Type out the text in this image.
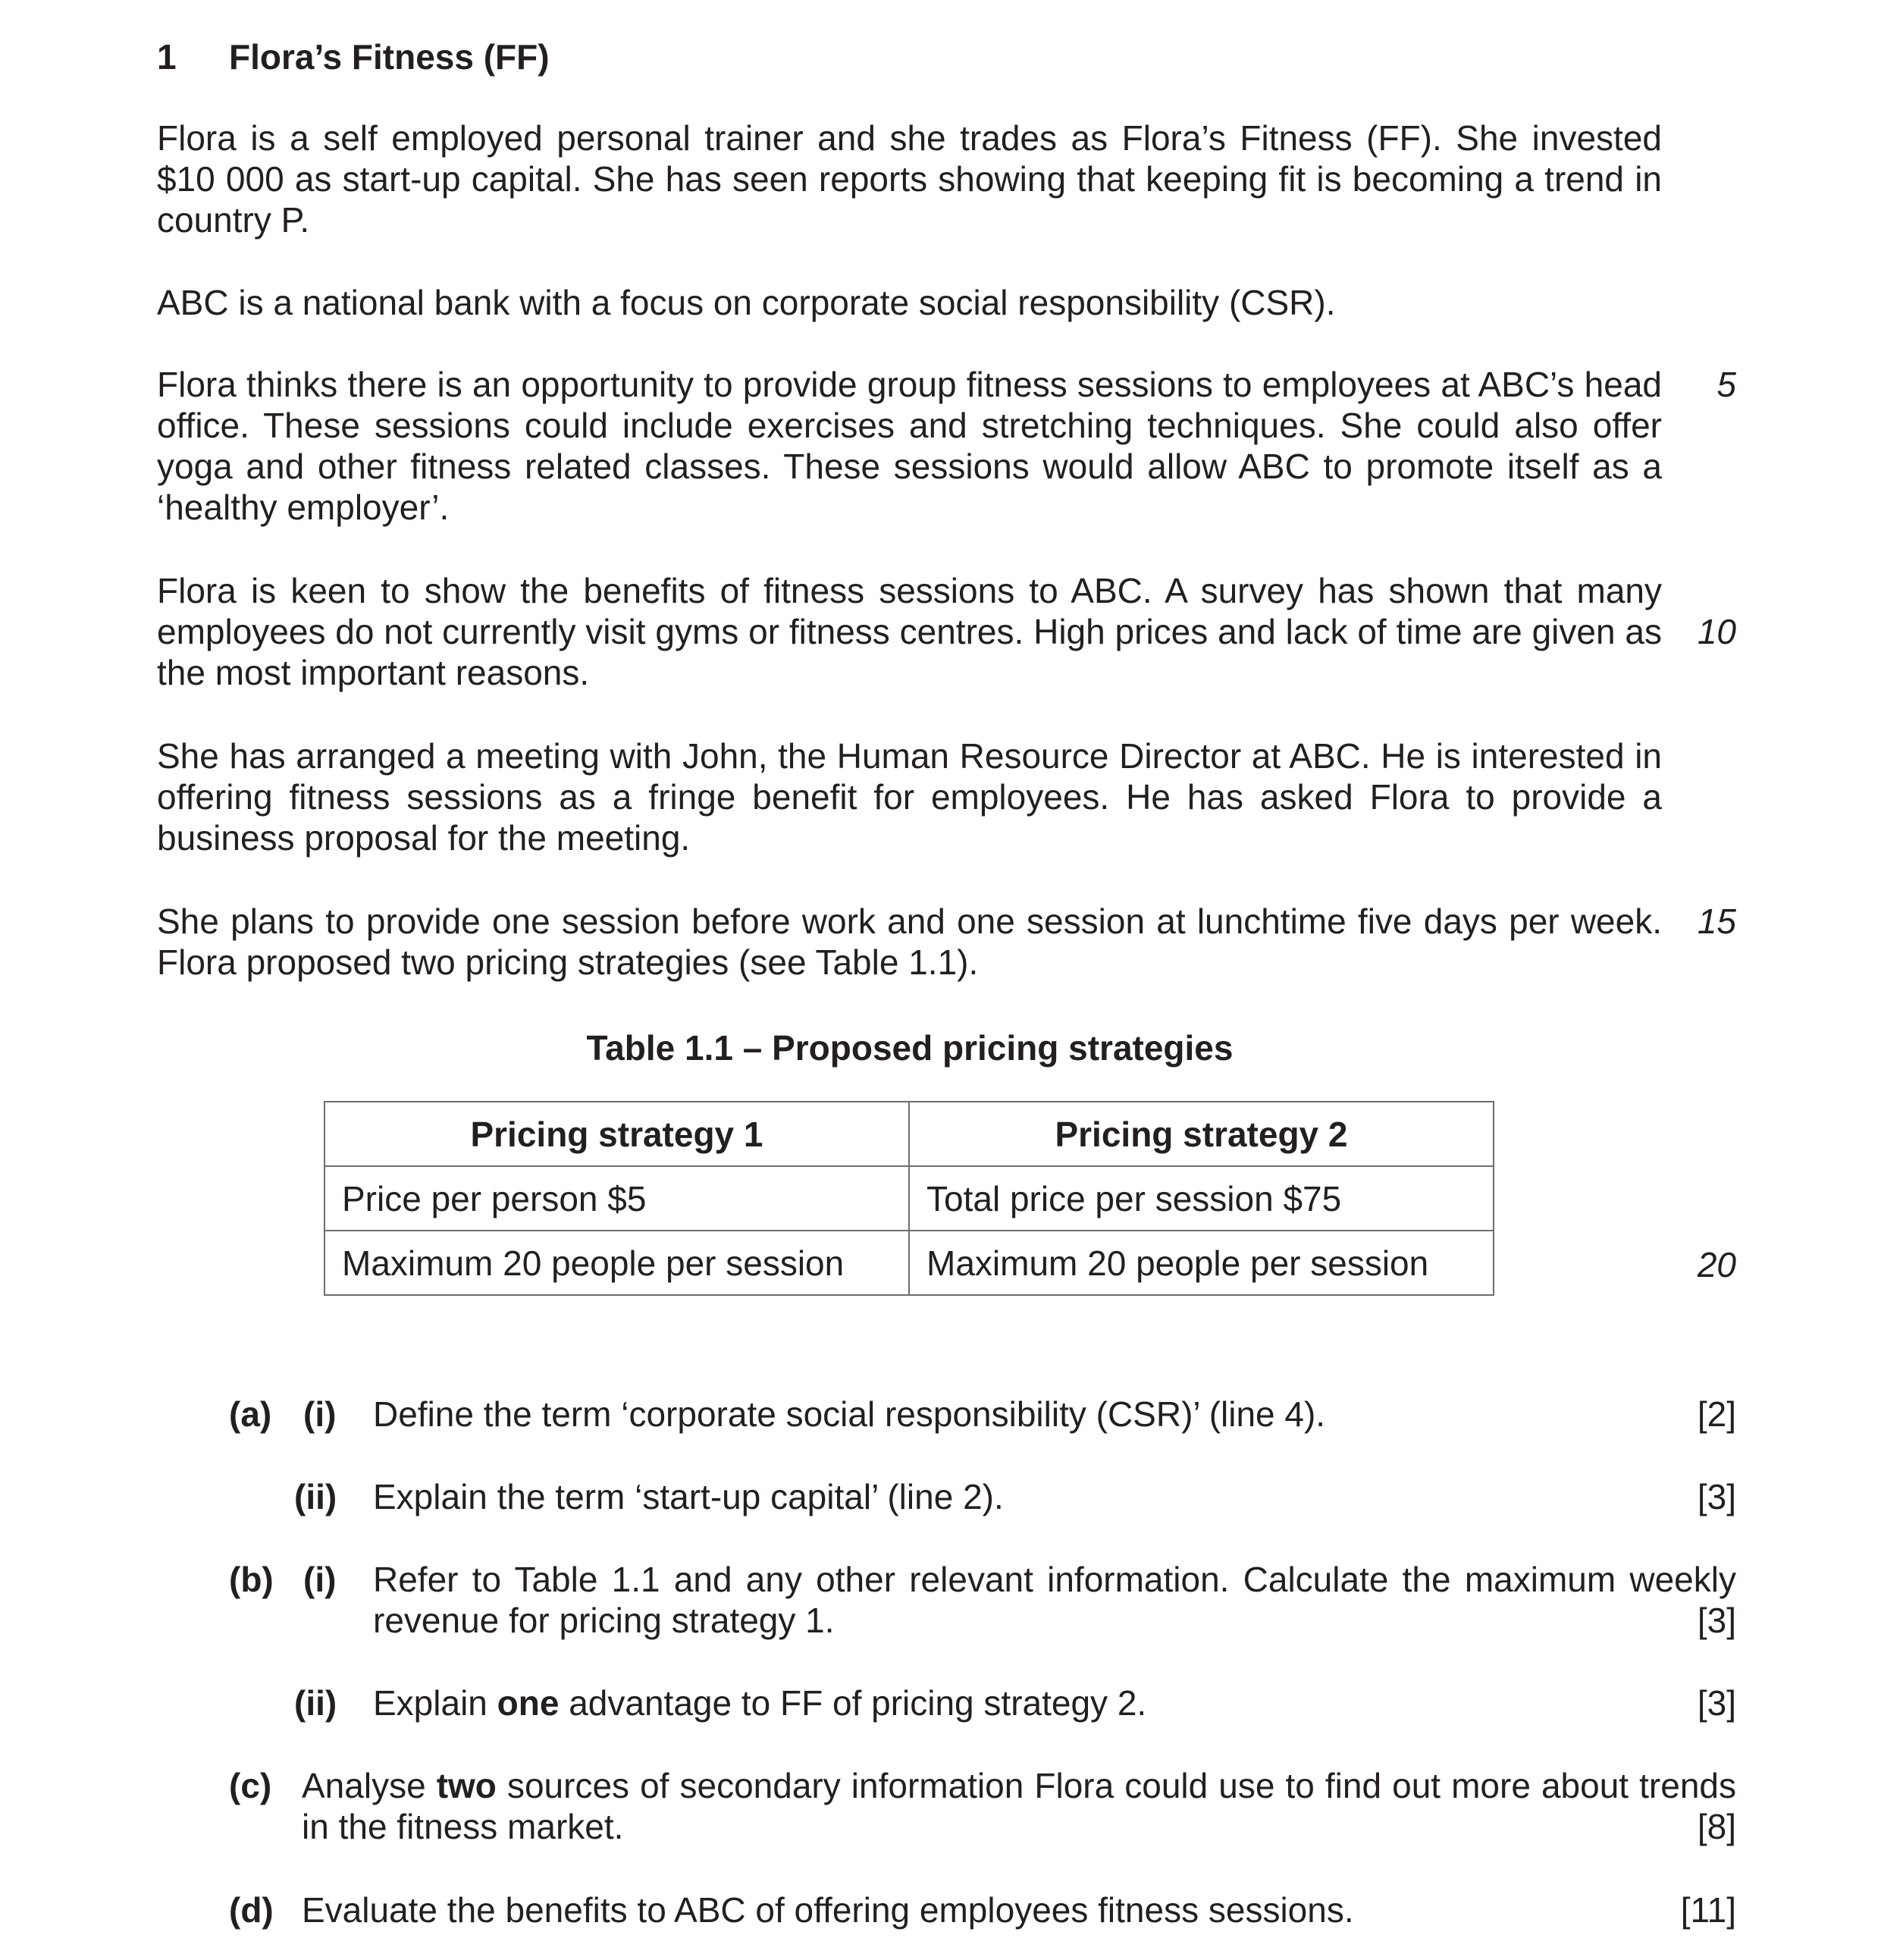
1 Flora’s Fitness (FF)
Flora is a self employed personal trainer and she trades as Flora’s Fitness (FF). She invested $10 000 as start-up capital. She has seen reports showing that keeping fit is becoming a trend in country P.
ABC is a national bank with a focus on corporate social responsibility (CSR).
Flora thinks there is an opportunity to provide group fitness sessions to employees at ABC’s head office. These sessions could include exercises and stretching techniques. She could also offer yoga and other fitness related classes. These sessions would allow ABC to promote itself as a ‘healthy employer’.
Flora is keen to show the benefits of fitness sessions to ABC. A survey has shown that many employees do not currently visit gyms or fitness centres. High prices and lack of time are given as the most important reasons.
She has arranged a meeting with John, the Human Resource Director at ABC. He is interested in offering fitness sessions as a fringe benefit for employees. He has asked Flora to provide a business proposal for the meeting.
She plans to provide one session before work and one session at lunchtime five days per week. Flora proposed two pricing strategies (see Table 1.1).
5
10
15
20
Table 1.1 – Proposed pricing strategies
Pricing strategy 1	Pricing strategy 2
Price per person $5	Total price per session $75
Maximum 20 people per session	Maximum 20 people per session
(a) (i) Define the term ‘corporate social responsibility (CSR)’ (line 4).	[2]
(ii) Explain the term ‘start-up capital’ (line 2).	[3]
(b) (i) Refer to Table 1.1 and any other relevant information. Calculate the maximum weekly revenue for pricing strategy 1.	[3]
(ii) Explain one advantage to FF of pricing strategy 2.	[3]
(c) Analyse two sources of secondary information Flora could use to find out more about trends in the fitness market.	[8]
(d) Evaluate the benefits to ABC of offering employees fitness sessions.	[11]
